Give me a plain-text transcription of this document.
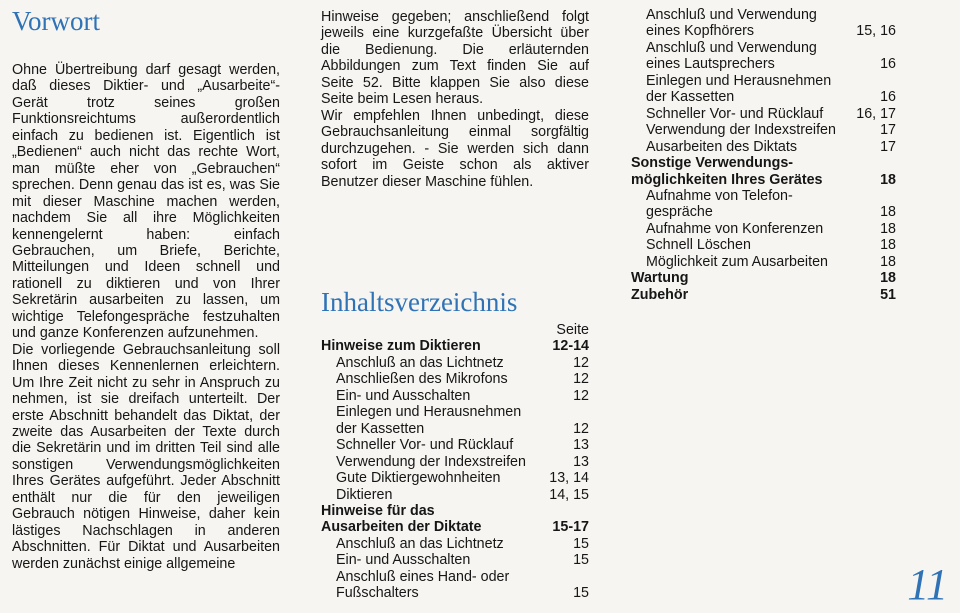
Vorwort

Ohne Übertreibung darf gesagt werden, daß dieses Diktier- und „Ausarbeite“-Gerät trotz seines großen Funktionsreichtums außerordentlich einfach zu bedienen ist. Eigentlich ist „Bedienen“ auch nicht das rechte Wort, man müßte eher von „Gebrauchen“ sprechen. Denn genau das ist es, was Sie mit dieser Maschine machen werden, nachdem Sie all ihre Möglichkeiten kennengelernt haben: einfach Gebrauchen, um Briefe, Berichte, Mitteilungen und Ideen schnell und rationell zu diktieren und von Ihrer Sekretärin ausarbeiten zu lassen, um wichtige Telefongespräche festzuhalten und ganze Konferenzen aufzunehmen.

Die vorliegende Gebrauchsanleitung soll Ihnen dieses Kennenlernen erleichtern. Um Ihre Zeit nicht zu sehr in Anspruch zu nehmen, ist sie dreifach unterteilt. Der erste Abschnitt behandelt das Diktat, der zweite das Ausarbeiten der Texte durch die Sekretärin und im dritten Teil sind alle sonstigen Verwendungsmöglichkeiten Ihres Gerätes aufgeführt. Jeder Abschnitt enthält nur die für den jeweiligen Gebrauch nötigen Hinweise, daher kein lästiges Nachschlagen in anderen Abschnitten. Für Diktat und Ausarbeiten werden zunächst einige allgemeine

Hinweise gegeben; anschließend folgt jeweils eine kurzgefaßte Übersicht über die Bedienung. Die erläuternden Abbildungen zum Text finden Sie auf Seite 52. Bitte klappen Sie also diese Seite beim Lesen heraus.

Wir empfehlen Ihnen unbedingt, diese Gebrauchsanleitung einmal sorgfältig durchzugehen. - Sie werden sich dann sofort im Geiste schon als aktiver Benutzer dieser Maschine fühlen.

Inhaltsverzeichnis
Seite
Hinweise zum Diktieren	12-14
Anschluß an das Lichtnetz	12
Anschließen des Mikrofons	12
Ein- und Ausschalten	12
Einlegen und Herausnehmen
der Kassetten	12
Schneller Vor- und Rücklauf	13
Verwendung der Indexstreifen	13
Gute Diktiergewohnheiten	13, 14
Diktieren	14, 15
Hinweise für das
Ausarbeiten der Diktate	15-17
Anschluß an das Lichtnetz	15
Ein- und Ausschalten	15
Anschluß eines Hand- oder
Fußschalters	15
Anschluß und Verwendung
eines Kopfhörers	15, 16
Anschluß und Verwendung
eines Lautsprechers	16
Einlegen und Herausnehmen
der Kassetten	16
Schneller Vor- und Rücklauf	16, 17
Verwendung der Indexstreifen	17
Ausarbeiten des Diktats	17
Sonstige Verwendungs-
möglichkeiten Ihres Gerätes	18
Aufnahme von Telefon-
gespräche	18
Aufnahme von Konferenzen	18
Schnell Löschen	18
Möglichkeit zum Ausarbeiten	18
Wartung	18
Zubehör	51
11
